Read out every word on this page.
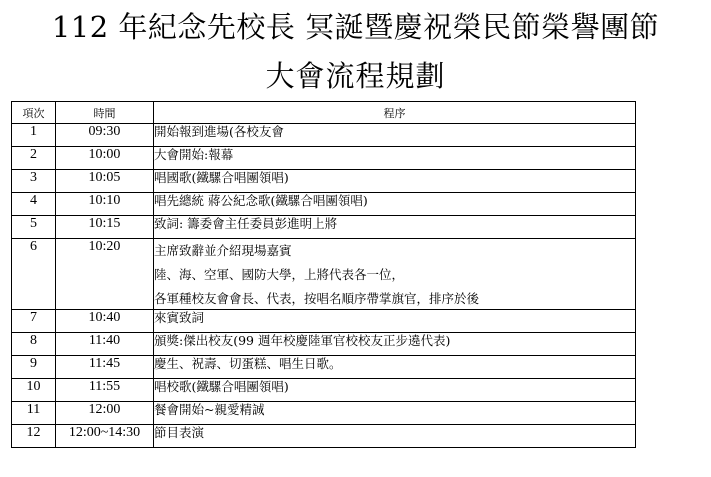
112 年紀念先校長 冥誕暨慶祝榮民節榮譽團節
大會流程規劃
項次	時間	程序
1	09:30	開始報到進場(各校友會

2	10:00	大會開始:報幕

3	10:05	唱國歌(鐵騾合唱團領唱)

4	10:10	唱先總統 蔣公紀念歌(鐵騾合唱團領唱)

5	10:15	致詞: 籌委會主任委員彭進明上將

6	10:20	主席致辭並介紹現場嘉賓
陸、海、空軍、國防大學，上將代表各一位，
各軍種校友會會長、代表，按唱名順序帶掌旗官，排序於後

7	10:40	來賓致詞

8	11:40	頒獎:傑出校友(99 週年校慶陸軍官校校友正步遶代表)

9	11:45	慶生、祝壽、切蛋糕、唱生日歌。

10	11:55	唱校歌(鐵騾合唱團領唱)

11	12:00	餐會開始~親愛精誠

12	12:00~14:30	節目表演
